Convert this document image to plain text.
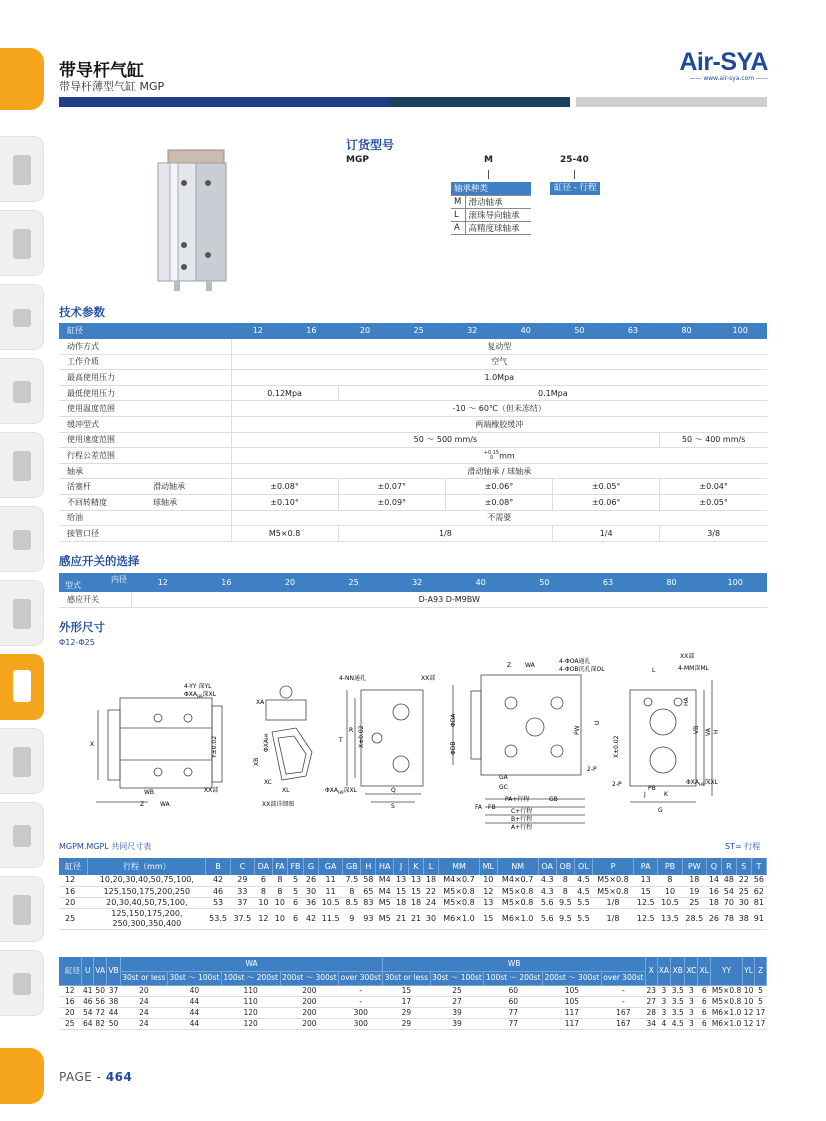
带导杆气缸
带导杆薄型气缸 MGP
Air-SYA
—— www.air-sya.com ——
订货型号
MGP	M	25-40
轴承种类	
M	滑动轴承
L	滚珠导向轴承
A	高精度球轴承
缸径 - 行程
技术参数
缸径	12	16	20	25	32	40	50	63	80	100
动作方式	复动型									
工作介质	空气									
最高使用压力	1.0Mpa									
最低使用压力	0.12Mpa		0.1Mpa							
使用温度范围	-10 ～ 60℃（但未冻结）									
缓冲型式	两端橡胶缓冲									
使用速度范围	50 ～ 500 mm/s								50 ～ 400 mm/s	
行程公差范围	+0.15
0 mm									
轴承	滑动轴承 / 球轴承									
活塞杆 滑动轴承	±0.08°		±0.07°		±0.06°		±0.05°		±0.04°	
不回转精度 球轴承	±0.10°		±0.09°		±0.08°		±0.06°		±0.05°	
给油	不需要									
接管口径	M5×0.8		1/8				1/4		3/8	
感应开关的选择
型式
内径	12	16	20	25	32	40	50	63	80	100
感应开关	D-A93 D-M9BW									
外形尺寸
Φ12-Φ25
4-YY 深YL
$\Phi XA_{H9}$深XL
X	Y±0.02
WB
Z	WA
XX部
XA
ΦXAH9
XB
XC
XL
XX部详细图
4-NN通孔	XX部
T
R X±0.02
$\Phi XA_{H9}$深XL	Q
S
Z WA
4-ΦOA通孔
4-ΦOB沉孔深OL
PW
U
ΦDA
ΦDB
GA
GC
FA FB
PA+行程
C+行程
B+行程
A+行程
GB
2-P
XX部
L	4-MM深ML
HA
X±0.02
VA
VB H
2-P
J	K
PB
G
$\Phi XA_{H9}$深XL
MGPM.MGPL 共同尺寸表	ST= 行程
缸径	行程（mm）	B	C	DA	FA	FB	G	GA	GB	H	HA	J	K	L	MM	ML	NM	OA	OB	OL	P	PA	PB	PW	Q	R	S	T
12	10,20,30,40,50,75,100,	42	29	6	8	5	26	11	7.5	58	M4	13	13	18	M4×0.7	10	M4×0.7	4.3	8	4.5	M5×0.8	13	8	18	14	48	22	56
16	125,150,175,200,250	46	33	8	8	5	30	11	8	65	M4	15	15	22	M5×0.8	12	M5×0.8	4.3	8	4.5	M5×0.8	15	10	19	16	54	25	62
20	20,30,40,50,75,100,	53	37	10	10	6	36	10.5	8.5	83	M5	18	18	24	M5×0.8	13	M5×0.8	5.6	9.5	5.5	1/8	12.5	10.5	25	18	70	30	81
25	125,150,175,200,
250,300,350,400	53.5	37.5	12	10	6	42	11.5	9	93	M5	21	21	30	M6×1.0	15	M6×1.0	5.6	9.5	5.5	1/8	12.5	13.5	28.5	26	78	38	91
缸径	U	VA	VB	WA					WB					X	XA	XB	XC	XL	YY	YL	Z
				30st or less	30st ～ 100st	100st ～ 200st	200st ～ 300st	over 300st	30st or less	30st ～ 100st	100st ～ 200st	200st ～ 300st	over 300st								
12	41	50	37	20	40	110	200	-	15	25	60	105	-	23	3	3.5	3	6	M5×0.8	10	5
16	46	56	38	24	44	110	200	-	17	27	60	105	-	27	3	3.5	3	6	M5×0.8	10	5
20	54	72	44	24	44	120	200	300	29	39	77	117	167	28	3	3.5	3	6	M6×1.0	12	17
25	64	82	50	24	44	120	200	300	29	39	77	117	167	34	4	4.5	3	6	M6×1.0	12	17
PAGE - 464
